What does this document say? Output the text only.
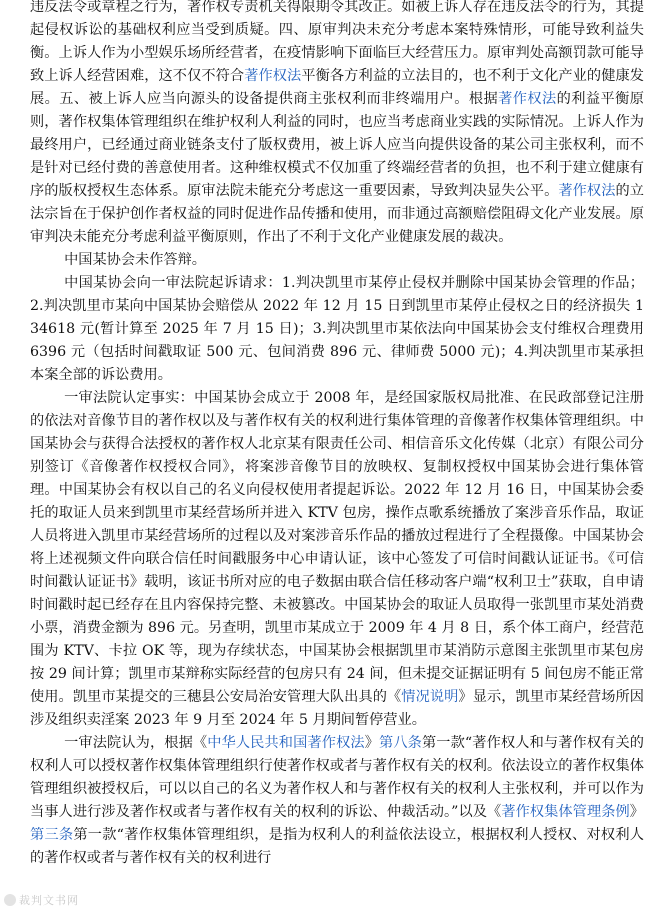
违反法令或章程之行为，著作权专责机关得限期令其改正。如被上诉人存在违反法令的行为，其提起侵权诉讼的基础权利应当受到质疑。四、原审判决未充分考虑本案特殊情形，可能导致利益失衡。上诉人作为小型娱乐场所经营者，在疫情影响下面临巨大经营压力。原审判处高额罚款可能导致上诉人经营困难，这不仅不符合著作权法平衡各方利益的立法目的，也不利于文化产业的健康发展。五、被上诉人应当向源头的设备提供商主张权利而非终端用户。根据著作权法的利益平衡原则，著作权集体管理组织在维护权利人利益的同时，也应当考虑商业实践的实际情况。上诉人作为最终用户，已经通过商业链条支付了版权费用，被上诉人应当向提供设备的某公司主张权利，而不是针对已经付费的善意使用者。这种维权模式不仅加重了终端经营者的负担，也不利于建立健康有序的版权授权生态体系。原审法院未能充分考虑这一重要因素，导致判决显失公平。著作权法的立法宗旨在于保护创作者权益的同时促进作品传播和使用，而非通过高额赔偿阻碍文化产业发展。原审判决未能充分考虑利益平衡原则，作出了不利于文化产业健康发展的裁决。

中国某协会未作答辩。

中国某协会向一审法院起诉请求：1.判决凯里市某停止侵权并删除中国某协会管理的作品；2.判决凯里市某向中国某协会赔偿从 2022 年 12 月 15 日到凯里市某停止侵权之日的经济损失 134618 元(暂计算至 2025 年 7 月 15 日)；3.判决凯里市某依法向中国某协会支付维权合理费用 6396 元（包括时间戳取证 500 元、包间消费 896 元、律师费 5000 元)；4.判决凯里市某承担本案全部的诉讼费用。

一审法院认定事实：中国某协会成立于 2008 年，是经国家版权局批准、在民政部登记注册的依法对音像节目的著作权以及与著作权有关的权利进行集体管理的音像著作权集体管理组织。中国某协会与获得合法授权的著作权人北京某有限责任公司、相信音乐文化传媒（北京）有限公司分别签订《音像著作权授权合同》，将案涉音像节目的放映权、复制权授权中国某协会进行集体管理。中国某协会有权以自己的名义向侵权使用者提起诉讼。2022 年 12 月 16 日，中国某协会委托的取证人员来到凯里市某经营场所并进入 KTV 包房，操作点歌系统播放了案涉音乐作品，取证人员将进入凯里市某经营场所的过程以及对案涉音乐作品的播放过程进行了全程摄像。中国某协会将上述视频文件向联合信任时间戳服务中心申请认证，该中心签发了可信时间戳认证证书。《可信时间戳认证证书》载明，该证书所对应的电子数据由联合信任移动客户端“权利卫士”获取，自申请时间戳时起已经存在且内容保持完整、未被篡改。中国某协会的取证人员取得一张凯里市某处消费小票，消费金额为 896 元。另查明，凯里市某成立于 2009 年 4 月 8 日，系个体工商户，经营范围为 KTV、卡拉 OK 等，现为存续状态，中国某协会根据凯里市某消防示意图主张凯里市某包房按 29 间计算；凯里市某辩称实际经营的包房只有 24 间，但未提交证据证明有 5 间包房不能正常使用。凯里市某提交的三穗县公安局治安管理大队出具的《情况说明》显示，凯里市某经营场所因涉及组织卖淫案 2023 年 9 月至 2024 年 5 月期间暂停营业。

一审法院认为，根据《中华人民共和国著作权法》第八条第一款“著作权人和与著作权有关的权利人可以授权著作权集体管理组织行使著作权或者与著作权有关的权利。依法设立的著作权集体管理组织被授权后，可以以自己的名义为著作权人和与著作权有关的权利人主张权利，并可以作为当事人进行涉及著作权或者与著作权有关的权利的诉讼、仲裁活动。”以及《著作权集体管理条例》第三条第一款“著作权集体管理组织，是指为权利人的利益依法设立，根据权利人授权、对权利人的著作权或者与著作权有关的权利进行

裁判文书网
